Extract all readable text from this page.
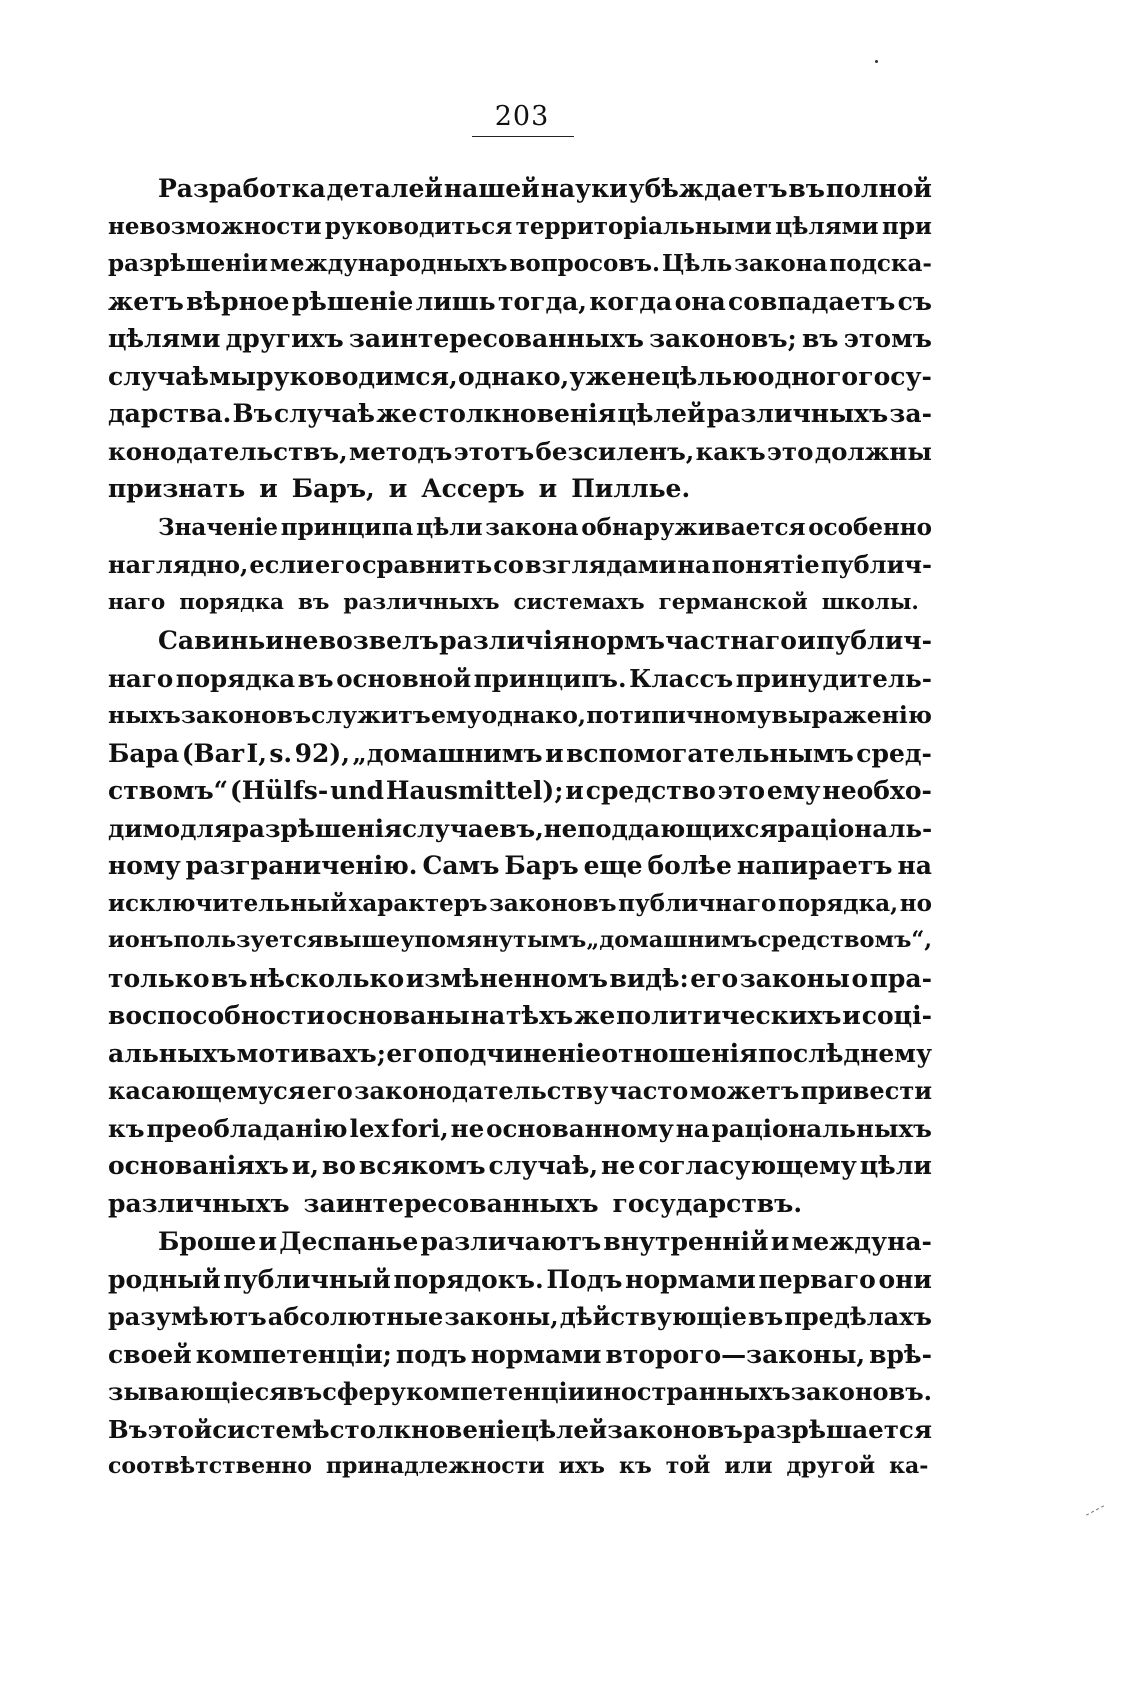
203
Разработка деталей нашей науки убѣждаетъ въ полной
невозможности руководиться территоріальными цѣлями при
разрѣшеніи международныхъ вопросовъ. Цѣль закона подска-
жетъ вѣрное рѣшеніе лишь тогда, когда она совпадаетъ съ
цѣлями другихъ заинтересованныхъ законовъ; въ этомъ
случаѣ мы руководимся, однако, уже не цѣлью одного госу-
дарства. Въ случаѣ же столкновенія цѣлей различныхъ за-
конодательствъ, методъ этотъ безсиленъ, какъ это должны
признать и Баръ, и Ассеръ и Пиллье.
Значеніе принципа цѣли закона обнаруживается особенно
наглядно, если его сравнить со взглядами на понятіе публич-
наго порядка въ различныхъ системахъ германской школы.
Савиньи не возвелъ различія нормъ частнаго и публич-
наго порядка въ основной принципъ. Классъ принудитель-
ныхъ законовъ служитъ ему однако, по типичному выраженію
Бара (Bar I, s. 92), „домашнимъ и вспомогательнымъ сред-
ствомъ“ (Hülfs- und Hausmittel); и средство это ему необхо-
димо для разрѣшенія случаевъ, не поддающихся раціональ-
ному разграниченію. Самъ Баръ еще болѣе напираетъ на
исключительный характеръ законовъ публичнаго порядка, но
и онъ пользуется вышеупомянутымъ „домашнимъ средствомъ“,
только въ нѣсколько измѣненномъ видѣ: его законы о пра-
воспособности основаны на тѣхъ же политическихъ и соці-
альныхъ мотивахъ; его подчиненіе отношенія послѣднему
касающемуся его законодательству часто можетъ привести
къ преобладанію lex fori, не основанному на раціональныхъ
основаніяхъ и, во всякомъ случаѣ, не согласующему цѣли
различныхъ заинтересованныхъ государствъ.
Броше и Деспанье различаютъ внутренній и междуна-
родный публичный порядокъ. Подъ нормами перваго они
разумѣютъ абсолютные законы, дѣйствующіе въ предѣлахъ
своей компетенціи; подъ нормами второго—законы, врѣ-
зывающіеся въ сферу компетенціи иностранныхъ законовъ.
Въ этой системѣ столкновеніе цѣлей законовъ разрѣшается
соотвѣтственно принадлежности ихъ къ той или другой ка-
